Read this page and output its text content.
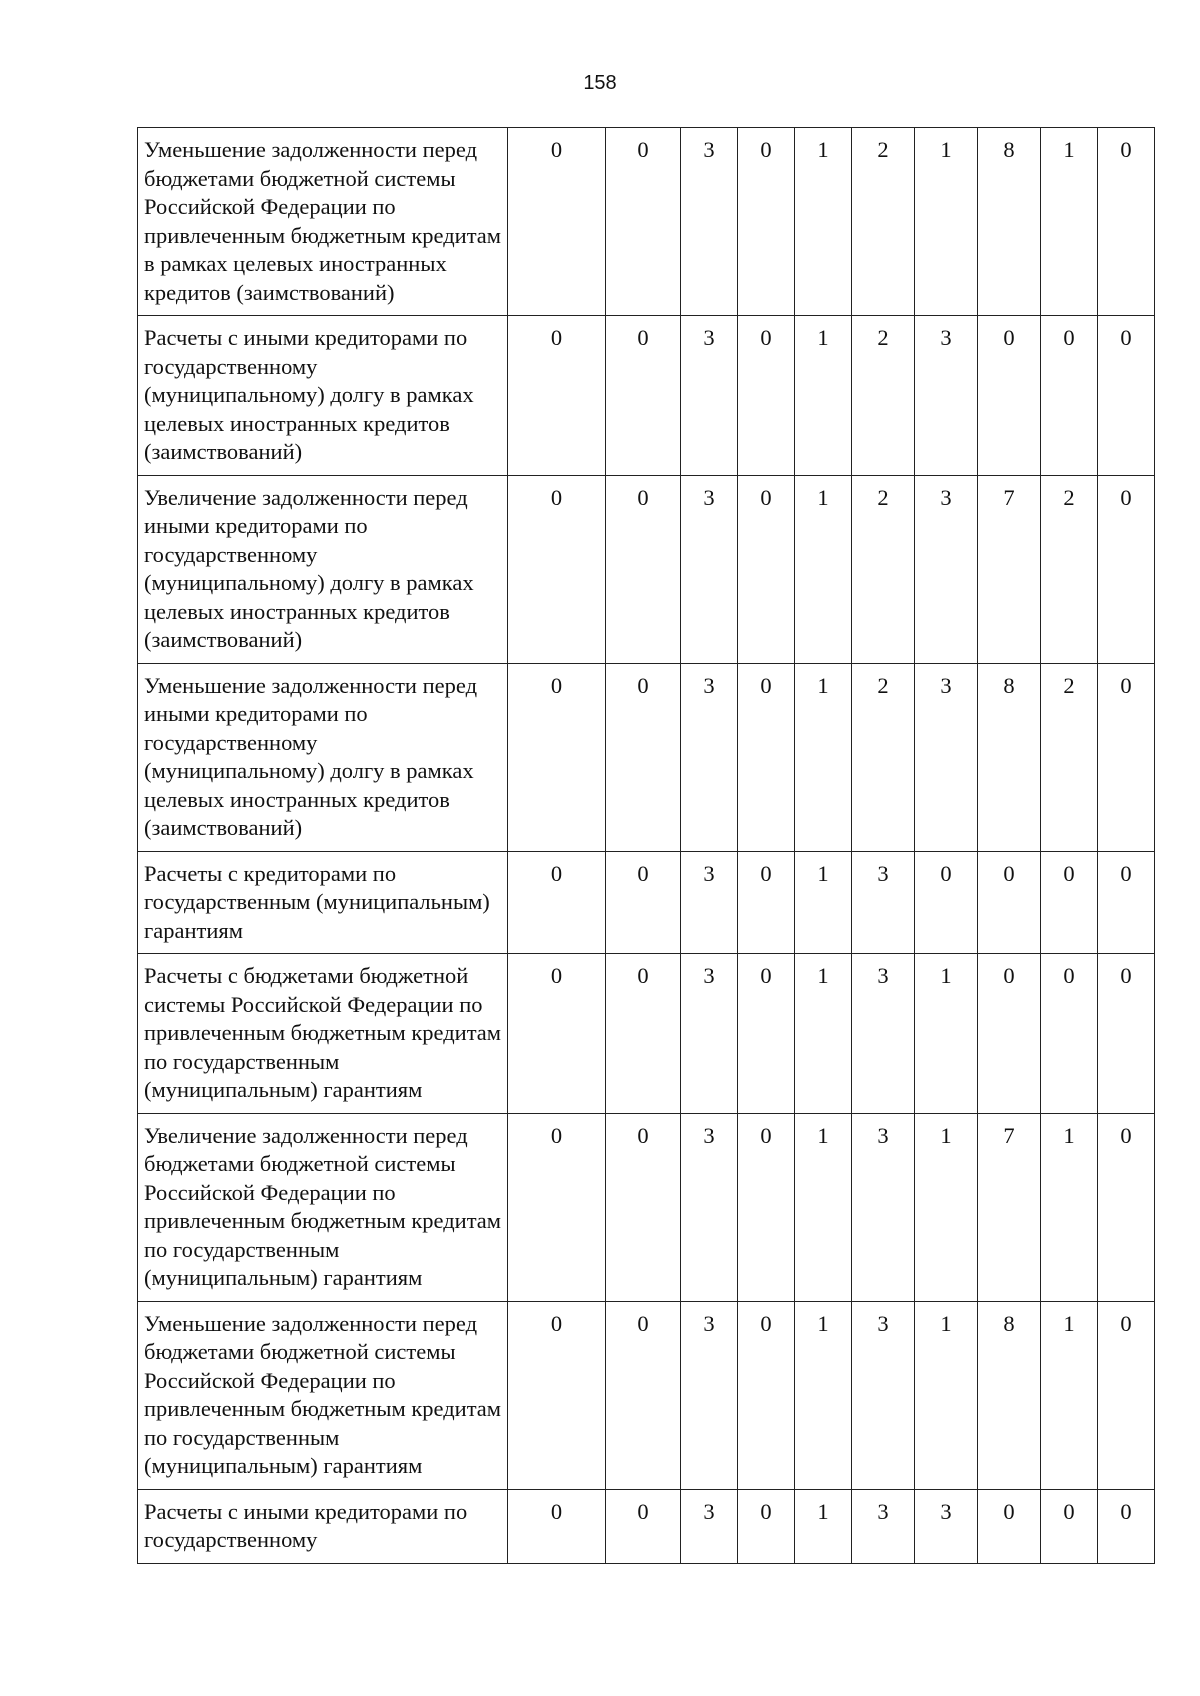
158
Уменьшение задолженности перед бюджетами бюджетной системы Российской Федерации по привлеченным бюджетным кредитам в рамках целевых иностранных кредитов (заимствований)	0	0	3	0	1	2	1	8	1	0
Расчеты с иными кредиторами по государственному (муниципальному) долгу в рамках целевых иностранных кредитов (заимствований)	0	0	3	0	1	2	3	0	0	0
Увеличение задолженности перед иными кредиторами по государственному (муниципальному) долгу в рамках целевых иностранных кредитов (заимствований)	0	0	3	0	1	2	3	7	2	0
Уменьшение задолженности перед иными кредиторами по государственному (муниципальному) долгу в рамках целевых иностранных кредитов (заимствований)	0	0	3	0	1	2	3	8	2	0
Расчеты с кредиторами по государственным (муниципальным) гарантиям	0	0	3	0	1	3	0	0	0	0
Расчеты с бюджетами бюджетной системы Российской Федерации по привлеченным бюджетным кредитам по государственным (муниципальным) гарантиям	0	0	3	0	1	3	1	0	0	0
Увеличение задолженности перед бюджетами бюджетной системы Российской Федерации по привлеченным бюджетным кредитам по государственным (муниципальным) гарантиям	0	0	3	0	1	3	1	7	1	0
Уменьшение задолженности перед бюджетами бюджетной системы Российской Федерации по привлеченным бюджетным кредитам по государственным (муниципальным) гарантиям	0	0	3	0	1	3	1	8	1	0
Расчеты с иными кредиторами по государственному	0	0	3	0	1	3	3	0	0	0
